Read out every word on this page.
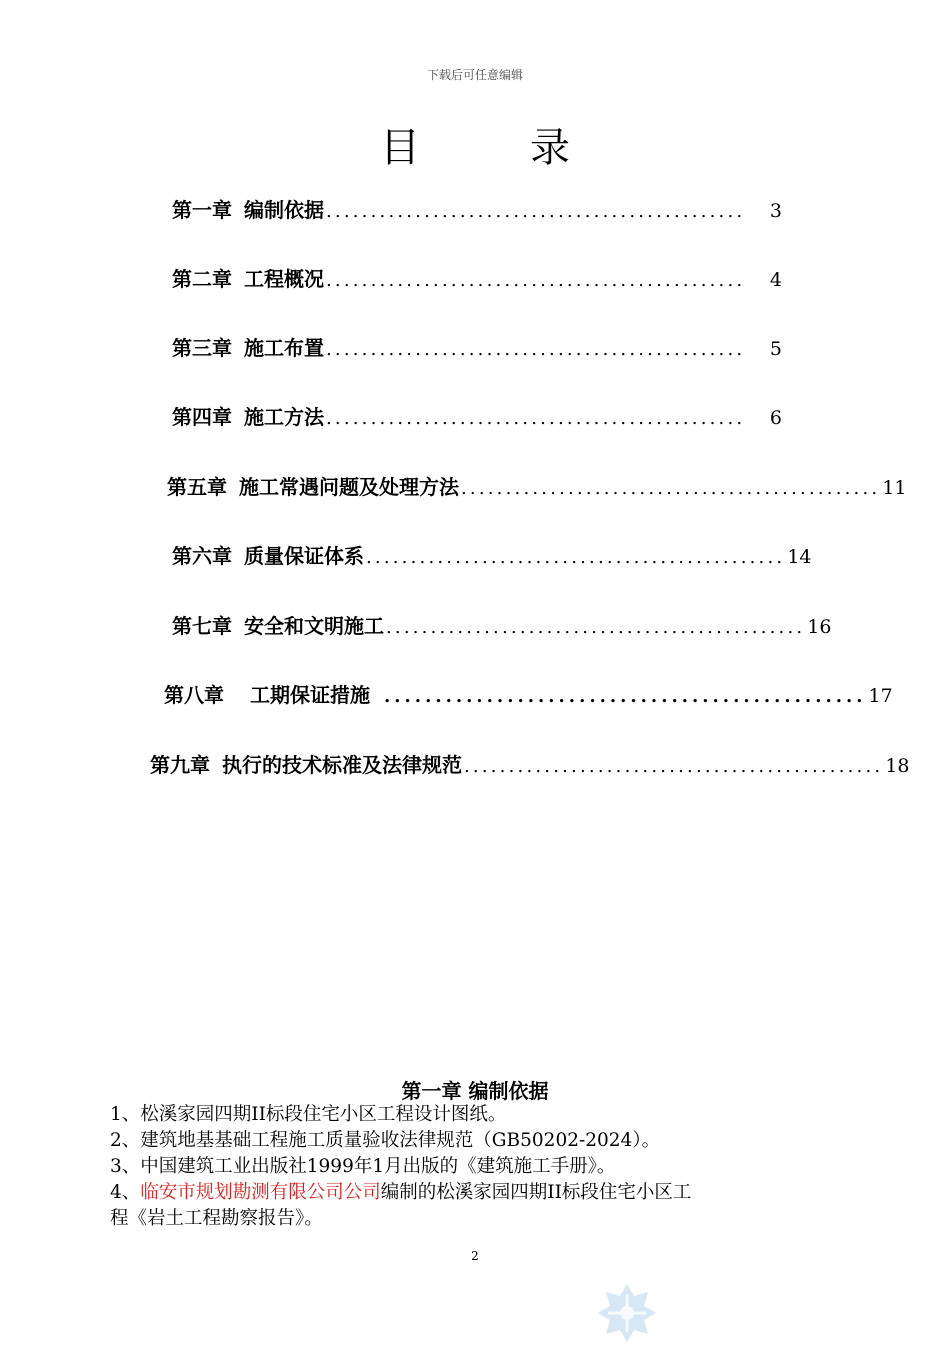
下载后可任意编辑
目	录
第一章 编制依据 ...............................................	3
第二章 工程概况 ...............................................	4
第三章 施工布置 ...............................................	5
第四章 施工方法 ...............................................	6
第五章 施工常遇问题及处理方法 ............................................... 11
第六章 质量保证体系 ............................................... 14
第七章 安全和文明施工 ............................................... 16
第八章 工期保证措施 ............................................... 17
第九章 执行的技术标准及法律规范 ............................................... 18
第一章 编制依据
1、松溪家园四期II标段住宅小区工程设计图纸。
2、建筑地基基础工程施工质量验收法律规范（GB50202-2024）。
3、中国建筑工业出版社1999年1月出版的《建筑施工手册》。
4、临安市规划勘测有限公司公司编制的松溪家园四期II标段住宅小区工
程《岩土工程勘察报告》。
2
